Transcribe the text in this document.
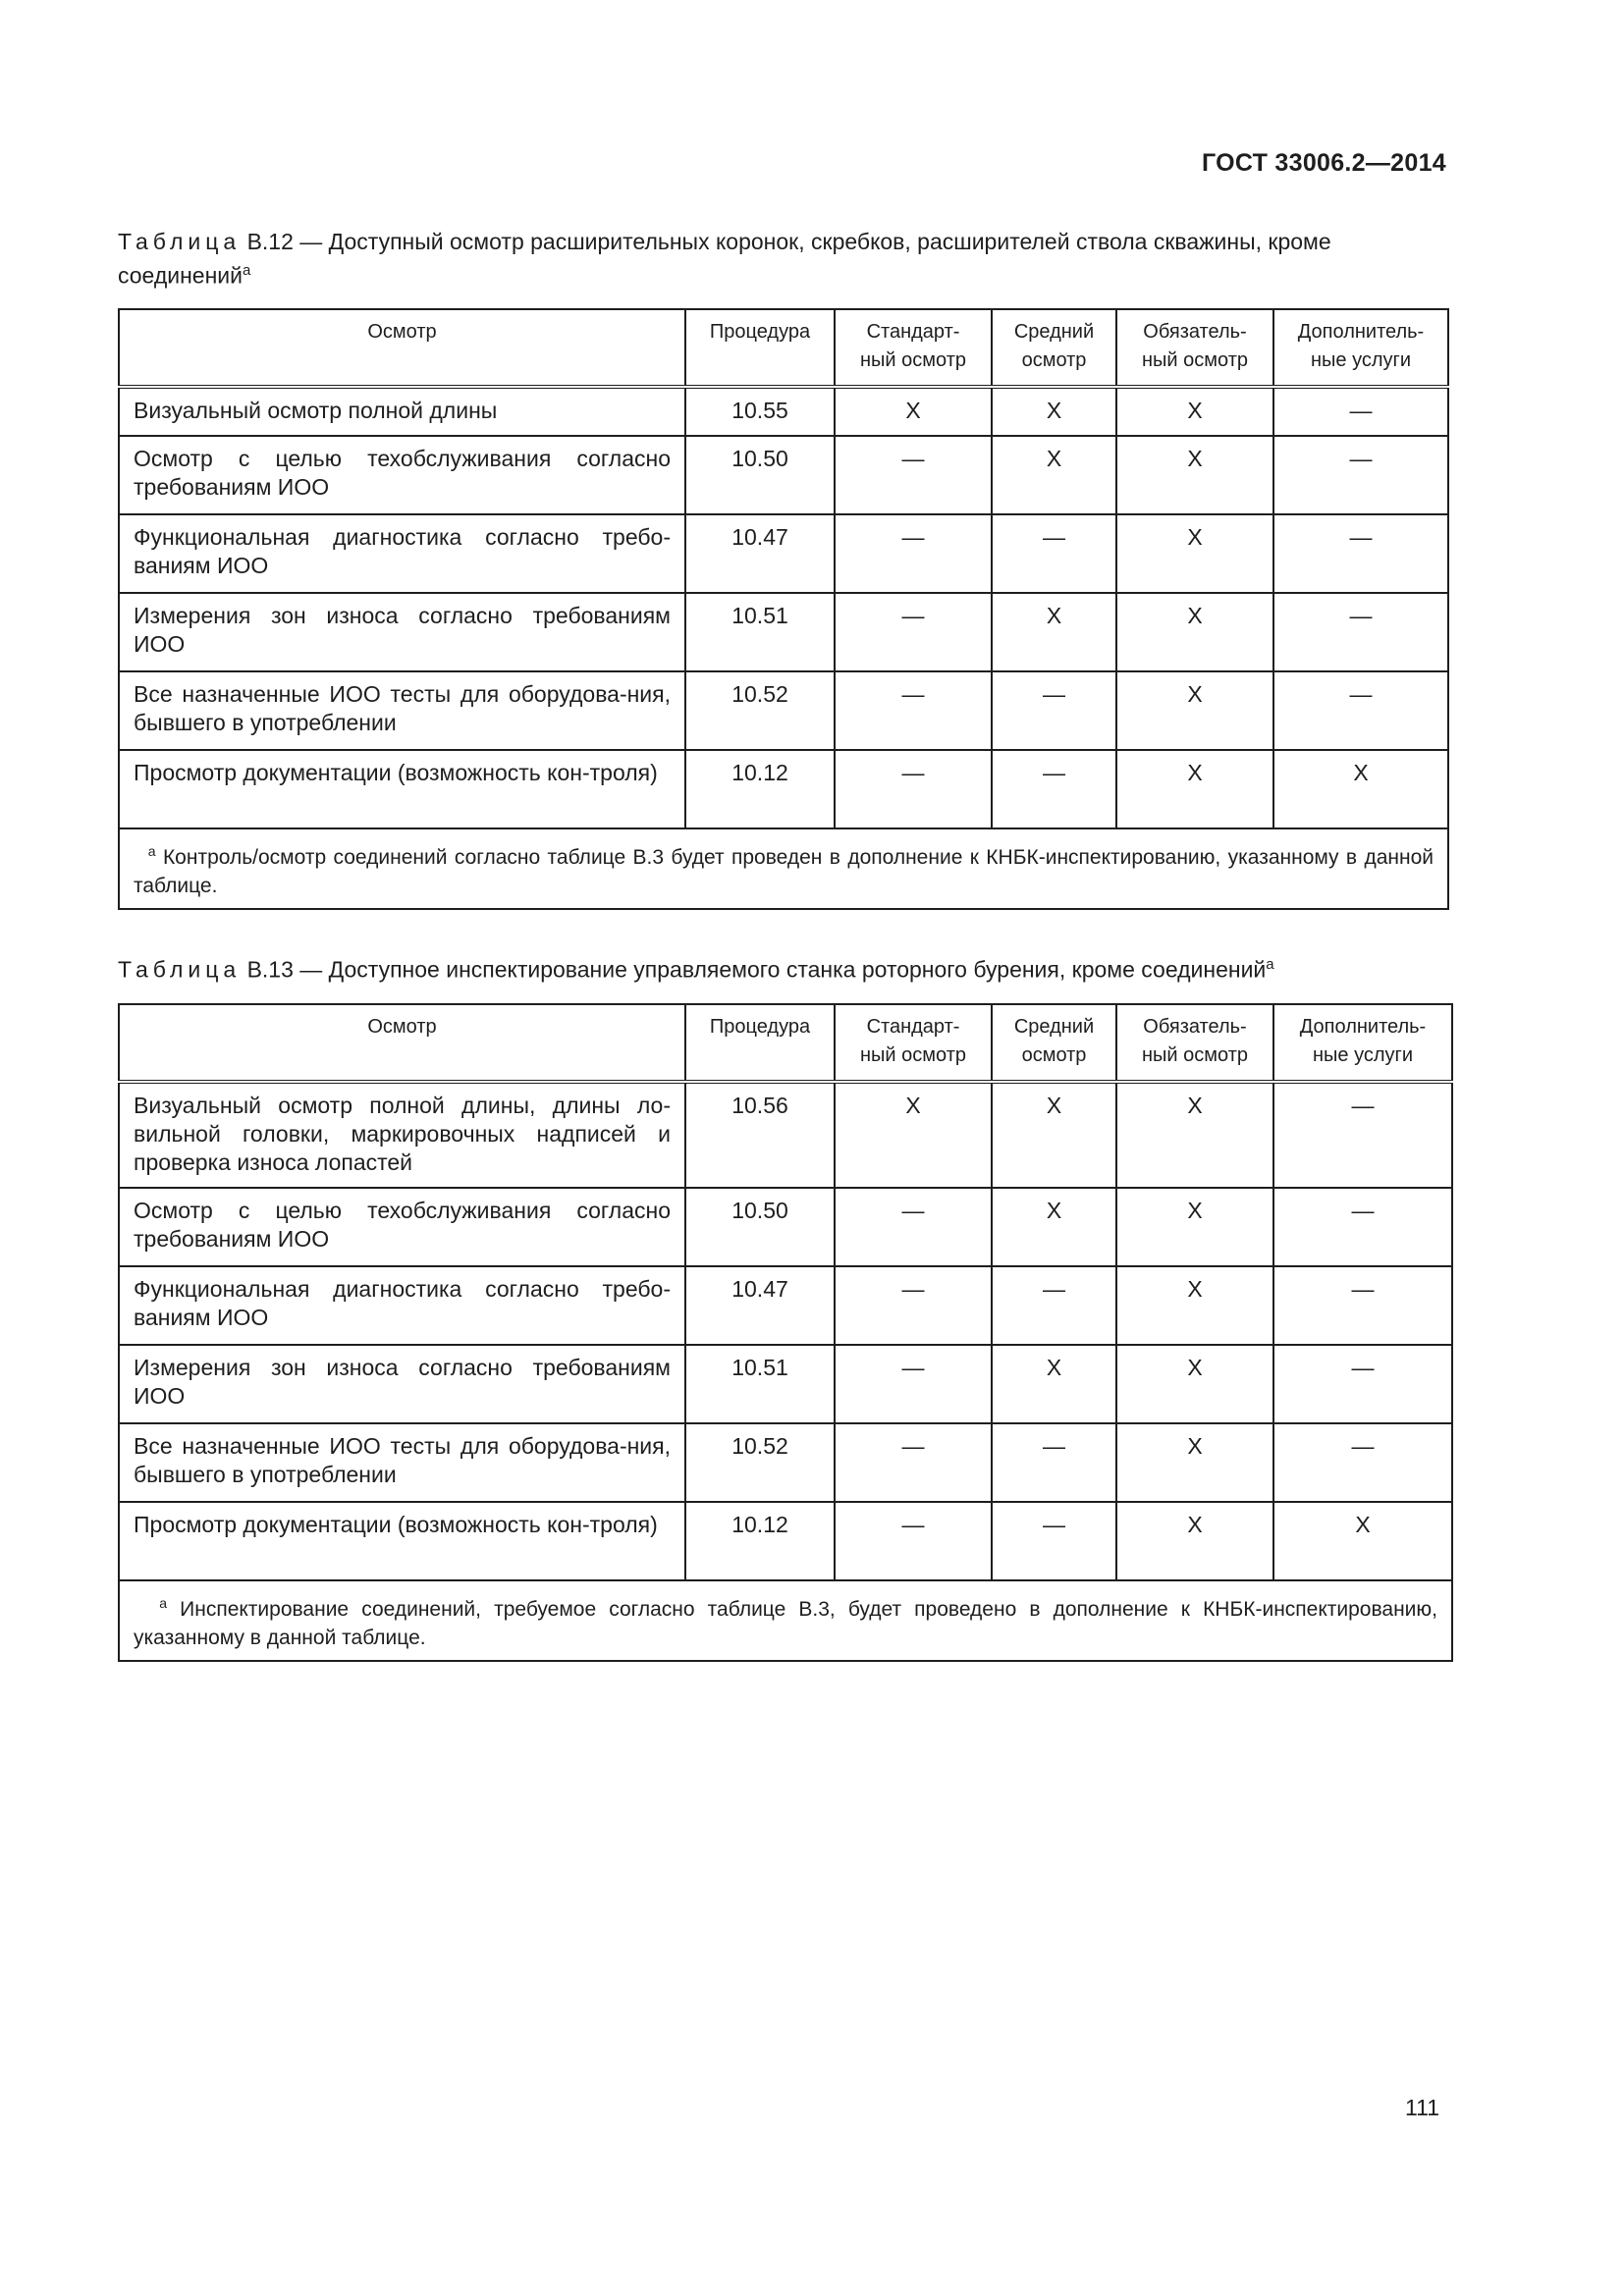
ГОСТ 33006.2—2014
Таблица В.12 — Доступный осмотр расширительных коронок, скребков, расширителей ствола скважины, кроме соединений$^a$
Осмотр	Процедура	Стандарт-ный осмотр	Средний осмотр	Обязатель-ный осмотр	Дополнитель-ные услуги
Визуальный осмотр полной длины	10.55	X	X	X	—
Осмотр с целью техобслуживания согласно требованиям ИОО	10.50	—	X	X	—
Функциональная диагностика согласно требо-ваниям ИОО	10.47	—	—	X	—
Измерения зон износа согласно требованиям ИОО	10.51	—	X	X	—
Все назначенные ИОО тесты для оборудова-ния, бывшего в употреблении	10.52	—	—	X	—
Просмотр документации (возможность кон-троля)	10.12	—	—	X	X
$^a$ Контроль/осмотр соединений согласно таблице В.3 будет проведен в дополнение к КНБК-инспектированию, указанному в данной таблице.					
Таблица В.13 — Доступное инспектирование управляемого станка роторного бурения, кроме соединений$^a$
Осмотр	Процедура	Стандарт-ный осмотр	Средний осмотр	Обязатель-ный осмотр	Дополнитель-ные услуги
Визуальный осмотр полной длины, длины ло-вильной головки, маркировочных надписей и проверка износа лопастей	10.56	X	X	X	—
Осмотр с целью техобслуживания согласно требованиям ИОО	10.50	—	X	X	—
Функциональная диагностика согласно требо-ваниям ИОО	10.47	—	—	X	—
Измерения зон износа согласно требованиям ИОО	10.51	—	X	X	—
Все назначенные ИОО тесты для оборудова-ния, бывшего в употреблении	10.52	—	—	X	—
Просмотр документации (возможность кон-троля)	10.12	—	—	X	X
$^a$ Инспектирование соединений, требуемое согласно таблице В.3, будет проведено в дополнение к КНБК-инспектированию, указанному в данной таблице.					
111
